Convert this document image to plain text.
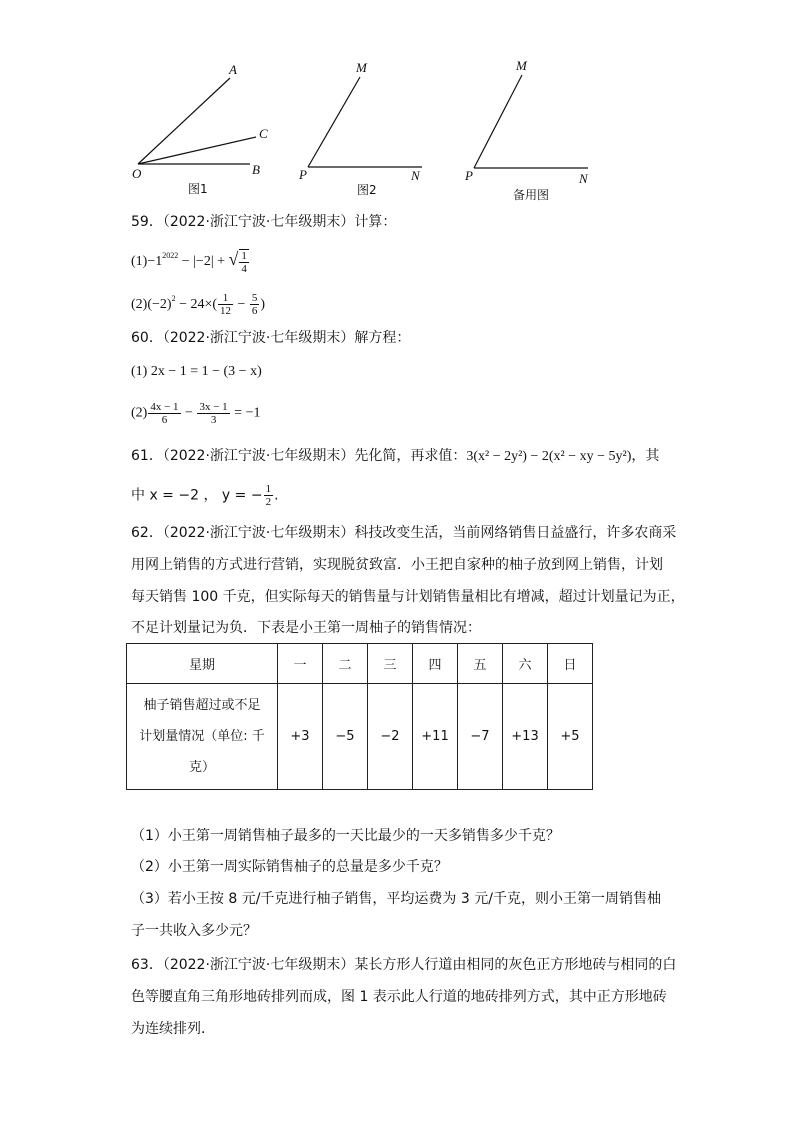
A
C
O	B
图1
M
P	N
图2
M
P	N
备用图
59．（2022·浙江宁波·七年级期末）计算：
$(1)-1^{2022} - |-2|$ + √ $\frac{1}{4}$
$(2)(-2)^2 - 24\times( \frac{1}{12} - \frac{5}{6}$ )
60．（2022·浙江宁波·七年级期末）解方程：
(1) 2x − 1 = 1 − (3 − x)
$(2) \frac{4x - 1}{6} - \frac{3x - 1}{3} = -1$
61．（2022·浙江宁波·七年级期末）先化简，再求值：3(x² − 2y²) − 2(x² − xy − 5y²)，其
中 x = −2 ， y = − $\frac{1}{2}$ .
62．（2022·浙江宁波·七年级期末）科技改变生活，当前网络销售日益盛行，许多农商采
用网上销售的方式进行营销，实现脱贫致富．小王把自家种的柚子放到网上销售，计划
每天销售 100 千克，但实际每天的销售量与计划销售量相比有增减，超过计划量记为正，
不足计划量记为负．下表是小王第一周柚子的销售情况：
星期	一	二	三	四	五	六	日

柚子销售超过或不足
计划量情况（单位: 千
克）	+3	−5	−2	+11	−7	+13	+5
（1）小王第一周销售柚子最多的一天比最少的一天多销售多少千克？
（2）小王第一周实际销售柚子的总量是多少千克？
（3）若小王按 8 元/千克进行柚子销售，平均运费为 3 元/千克，则小王第一周销售柚
子一共收入多少元？
63．（2022·浙江宁波·七年级期末）某长方形人行道由相同的灰色正方形地砖与相同的白
色等腰直角三角形地砖排列而成，图 1 表示此人行道的地砖排列方式，其中正方形地砖
为连续排列．
